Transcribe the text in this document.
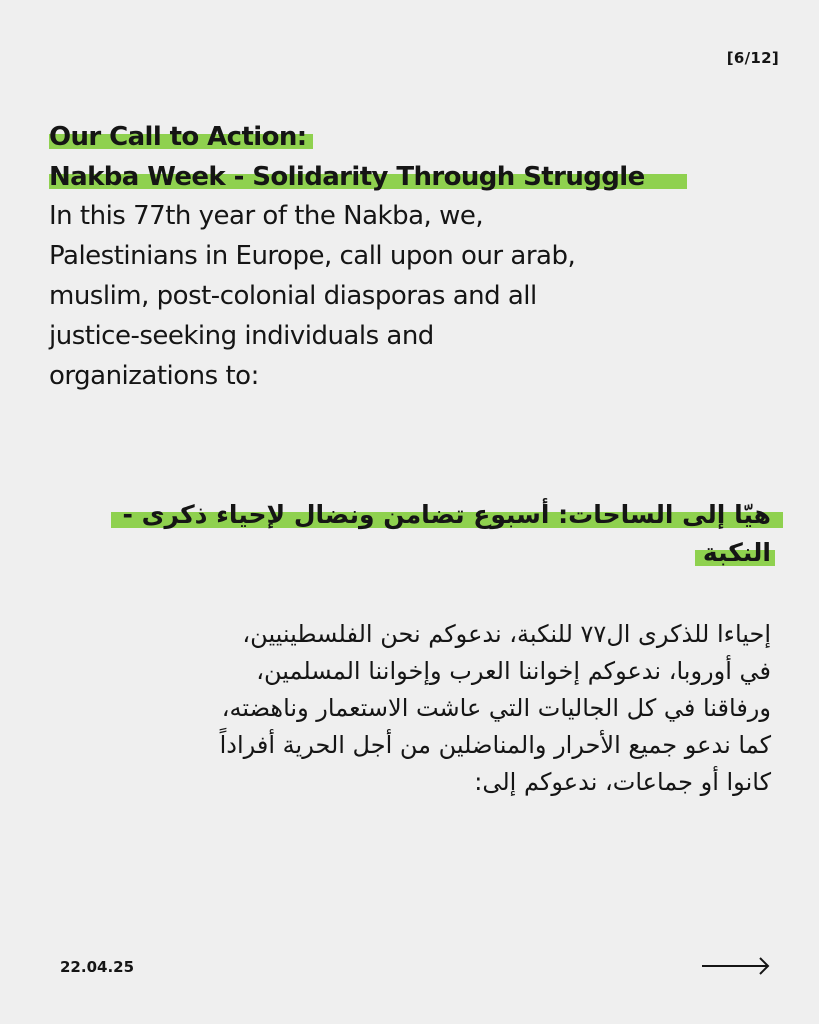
[6/12]
Our Call to Action:
Nakba Week - Solidarity Through Struggle
In this 77th year of the Nakba, we,
Palestinians in Europe, call upon our arab,
muslim, post-colonial diasporas and all
justice-seeking individuals and
organizations to:
هيّا إلى الساحات: أسبوع تضامن ونضال لإحياء ذكرى -
النكبة
إحياءا للذكرى ال٧٧ للنكبة، ندعوكم نحن الفلسطينيين،
في أوروبا، ندعوكم إخواننا العرب وإخواننا المسلمين،
ورفاقنا في كل الجاليات التي عاشت الاستعمار وناهضته،
كما ندعو جميع الأحرار والمناضلين من أجل الحرية أفراداً
كانوا أو جماعات، ندعوكم إلى:
22.04.25
